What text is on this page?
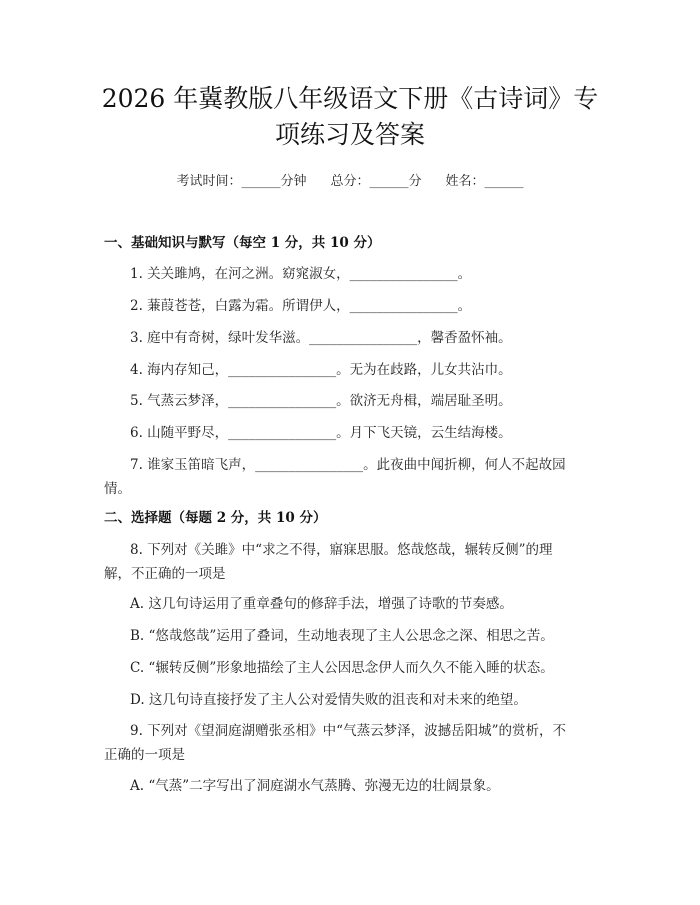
2026 年冀教版八年级语文下册《古诗词》专
项练习及答案
考试时间：______分钟 总分：______分 姓名：______
一、基础知识与默写（每空 1 分，共 10 分）
1. 关关雎鸠，在河之洲。窈窕淑女，________________。
2. 蒹葭苍苍，白露为霜。所谓伊人，________________。
3. 庭中有奇树，绿叶发华滋。________________，馨香盈怀袖。
4. 海内存知己，________________。无为在歧路，儿女共沾巾。
5. 气蒸云梦泽，________________。欲济无舟楫，端居耻圣明。
6. 山随平野尽，________________。月下飞天镜，云生结海楼。
7. 谁家玉笛暗飞声，________________。此夜曲中闻折柳，何人不起故园
情。
二、选择题（每题 2 分，共 10 分）
8. 下列对《关雎》中“求之不得，寤寐思服。悠哉悠哉，辗转反侧”的理
解，不正确的一项是
A. 这几句诗运用了重章叠句的修辞手法，增强了诗歌的节奏感。
B. “悠哉悠哉”运用了叠词，生动地表现了主人公思念之深、相思之苦。
C. “辗转反侧”形象地描绘了主人公因思念伊人而久久不能入睡的状态。
D. 这几句诗直接抒发了主人公对爱情失败的沮丧和对未来的绝望。
9. 下列对《望洞庭湖赠张丞相》中“气蒸云梦泽，波撼岳阳城”的赏析，不
正确的一项是
A. “气蒸”二字写出了洞庭湖水气蒸腾、弥漫无边的壮阔景象。
